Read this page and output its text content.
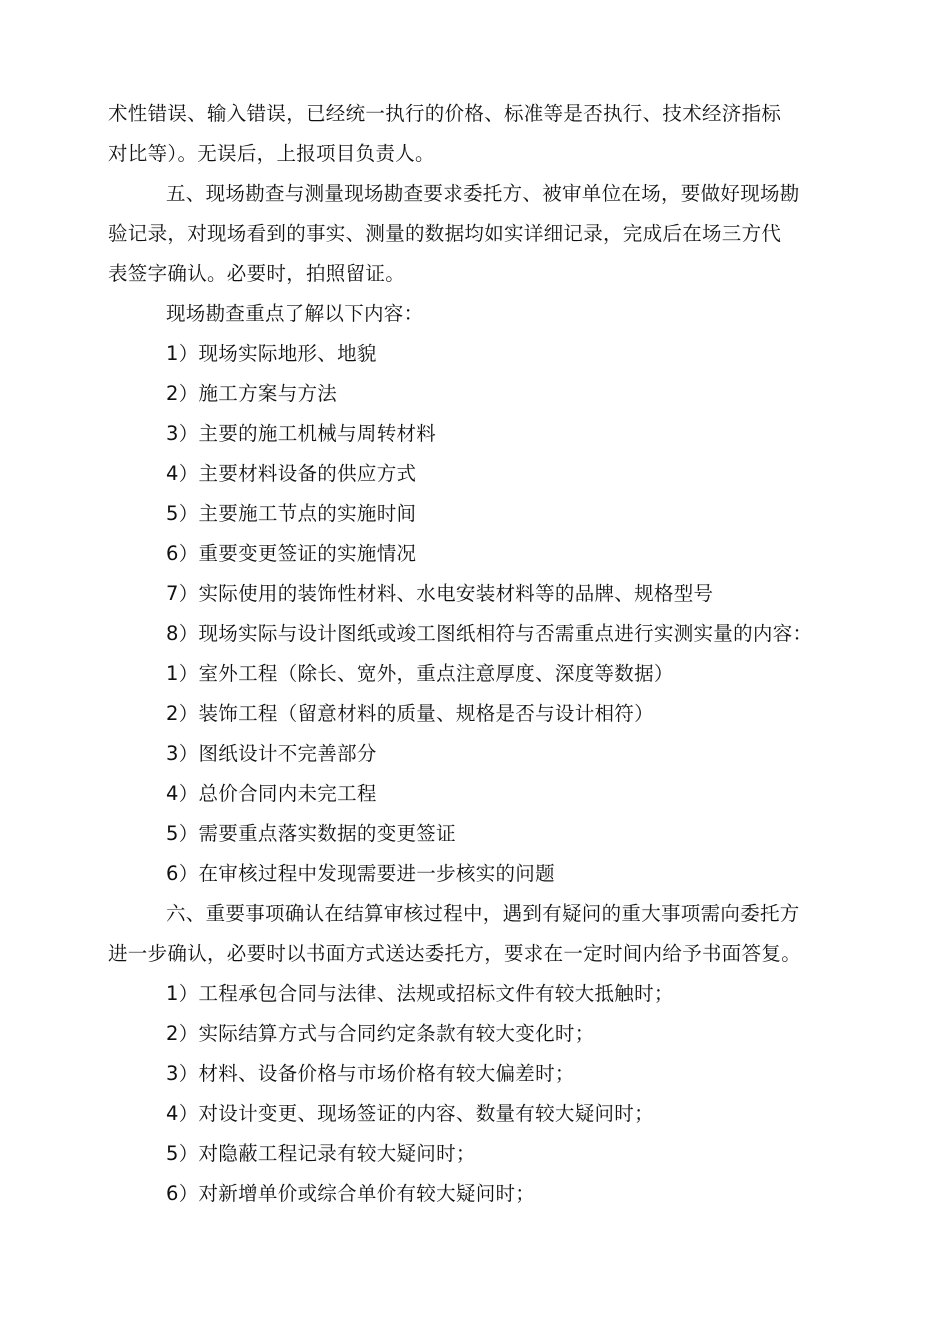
术性错误、输入错误，已经统一执行的价格、标准等是否执行、技术经济指标
对比等）。无误后，上报项目负责人。
五、现场勘查与测量现场勘查要求委托方、被审单位在场，要做好现场勘
验记录，对现场看到的事实、测量的数据均如实详细记录，完成后在场三方代
表签字确认。必要时，拍照留证。
现场勘查重点了解以下内容：
1）现场实际地形、地貌
2）施工方案与方法
3）主要的施工机械与周转材料
4）主要材料设备的供应方式
5）主要施工节点的实施时间
6）重要变更签证的实施情况
7）实际使用的装饰性材料、水电安装材料等的品牌、规格型号
8）现场实际与设计图纸或竣工图纸相符与否需重点进行实测实量的内容：
1）室外工程（除长、宽外，重点注意厚度、深度等数据）
2）装饰工程（留意材料的质量、规格是否与设计相符）
3）图纸设计不完善部分
4）总价合同内未完工程
5）需要重点落实数据的变更签证
6）在审核过程中发现需要进一步核实的问题
六、重要事项确认在结算审核过程中，遇到有疑问的重大事项需向委托方
进一步确认，必要时以书面方式送达委托方，要求在一定时间内给予书面答复。
1）工程承包合同与法律、法规或招标文件有较大抵触时；
2）实际结算方式与合同约定条款有较大变化时；
3）材料、设备价格与市场价格有较大偏差时；
4）对设计变更、现场签证的内容、数量有较大疑问时；
5）对隐蔽工程记录有较大疑问时；
6）对新增单价或综合单价有较大疑问时；
